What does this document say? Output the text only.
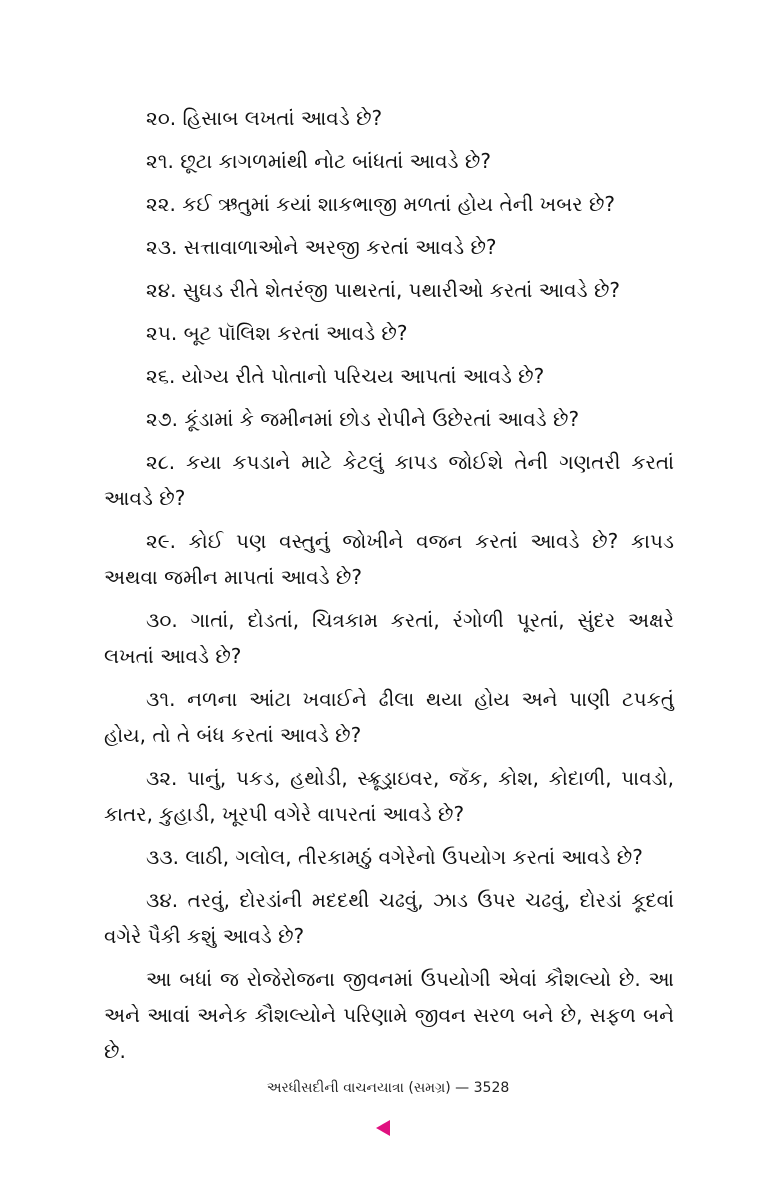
૨૦. હિસાબ લખતાં આવડે છે?

૨૧. છૂટા કાગળમાંથી નોટ બાંધતાં આવડે છે?

૨૨. કઈ ઋતુમાં કયાં શાકભાજી મળતાં હોય તેની ખબર છે?

૨૩. સત્તાવાળાઓને અરજી કરતાં આવડે છે?

૨૪. સુઘડ રીતે શેતરંજી પાથરતાં, પથારીઓ કરતાં આવડે છે?

૨૫. બૂટ પૉલિશ કરતાં આવડે છે?

૨૬. યોગ્ય રીતે પોતાનો પરિચય આપતાં આવડે છે?

૨૭. કૂંડામાં કે જમીનમાં છોડ રોપીને ઉછેરતાં આવડે છે?

૨૮. કયા કપડાને માટે કેટલું કાપડ જોઈશે તેની ગણતરી કરતાં આવડે છે?

૨૯. કોઈ પણ વસ્તુનું જોખીને વજન કરતાં આવડે છે? કાપડ અથવા જમીન માપતાં આવડે છે?

૩૦. ગાતાં, દોડતાં, ચિત્રકામ કરતાં, રંગોળી પૂરતાં, સુંદર અક્ષરે લખતાં આવડે છે?

૩૧. નળના આંટા ખવાઈને ઢીલા થયા હોય અને પાણી ટપકતું હોય, તો તે બંધ કરતાં આવડે છે?

૩૨. પાનું, પકડ, હથોડી, સ્ક્રૂડ્રાઇવર, જૅક, કોશ, કોદાળી, પાવડો, કાતર, કુહાડી, ખૂરપી વગેરે વાપરતાં આવડે છે?

૩૩. લાઠી, ગલોલ, તીરકામઠું વગેરેનો ઉપયોગ કરતાં આવડે છે?

૩૪. તરવું, દોરડાંની મદદથી ચઢવું, ઝાડ ઉપર ચઢવું, દોરડાં કૂદવાં વગેરે પૈકી કશું આવડે છે?

આ બધાં જ રોજેરોજના જીવનમાં ઉપયોગી એવાં કૌશલ્યો છે. આ અને આવાં અનેક કૌશલ્યોને પરિણામે જીવન સરળ બને છે, સફળ બને છે.

અરધીસદીની વાચનયાત્રા (સમગ્ર) — 3528
